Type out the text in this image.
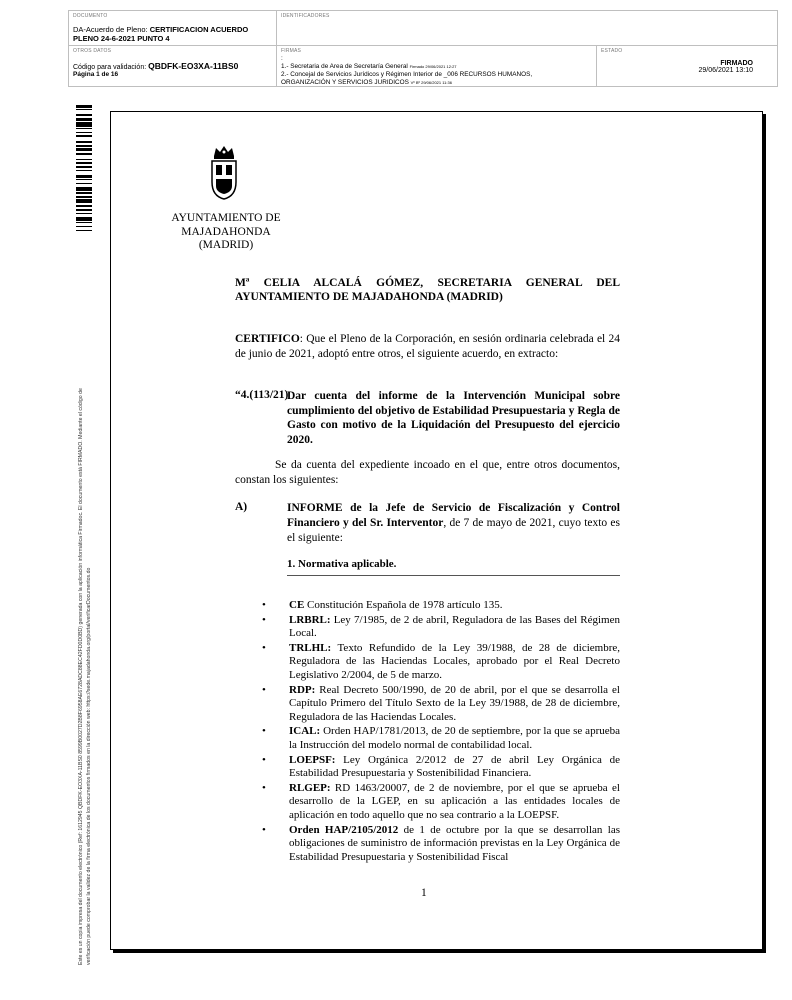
DOCUMENTO
DA-Acuerdo de Pleno: CERTIFICACION ACUERDO
PLENO 24-6-2021 PUNTO 4
IDENTIFICADORES
OTROS DATOS
Código para validación: QBDFK-EO3XA-11BS0
Página 1 de 16
FIRMAS
:
1.- Secretaria de Area de Secretaría General Firmado 29/06/2021 12:27
2.- Concejal de Servicios Jurídicos y Régimen Interior de _006 RECURSOS HUMANOS,
ORGANIZACIÓN Y SERVICIOS JURIDICOS Vº Bº 29/06/2021 11:36
ESTADO
FIRMADO
29/06/2021 13:10
Este es un copia impresa del documento electrónico (Ref: 1612945 QBDFK-EO3XA-11BS0 8599B0027D2B8F6958AE6728ADC88EC42FD0D0BD) generada con la aplicación informática Firmadoc. El documento está FIRMADO. Mediante el código de verificación puede comprobar la validez de la firma electrónica de los documentos firmados en la dirección web: https://sede.majadahonda.org/portal/verificarDocumentos.do
AYUNTAMIENTO DE
MAJADAHONDA
(MADRID)
Mª CELIA ALCALÁ GÓMEZ, SECRETARIA GENERAL DEL
AYUNTAMIENTO DE MAJADAHONDA (MADRID)
CERTIFICO: Que el Pleno de la Corporación, en sesión ordinaria celebrada el 24 de junio de 2021, adoptó entre otros, el siguiente acuerdo, en extracto:
“4.(113/21)
Dar cuenta del informe de la Intervención Municipal sobre cumplimiento del objetivo de Estabilidad Presupuestaria y Regla de Gasto con motivo de la Liquidación del Presupuesto del ejercicio 2020.
Se da cuenta del expediente incoado en el que, entre otros documentos, constan los siguientes:
A)	INFORME de la Jefe de Servicio de Fiscalización y Control Financiero y del Sr. Interventor, de 7 de mayo de 2021, cuyo texto es el siguiente:
1. Normativa aplicable.
• CE Constitución Española de 1978 artículo 135.
• LRBRL: Ley 7/1985, de 2 de abril, Reguladora de las Bases del Régimen Local.
• TRLHL: Texto Refundido de la Ley 39/1988, de 28 de diciembre, Reguladora de las Haciendas Locales, aprobado por el Real Decreto Legislativo 2/2004, de 5 de marzo.
• RDP: Real Decreto 500/1990, de 20 de abril, por el que se desarrolla el Capítulo Primero del Título Sexto de la Ley 39/1988, de 28 de diciembre, Reguladora de las Haciendas Locales.
• ICAL: Orden HAP/1781/2013, de 20 de septiembre, por la que se aprueba la Instrucción del modelo normal de contabilidad local.
• LOEPSF: Ley Orgánica 2/2012 de 27 de abril Ley Orgánica de Estabilidad Presupuestaria y Sostenibilidad Financiera.
• RLGEP: RD 1463/20007, de 2 de noviembre, por el que se aprueba el desarrollo de la LGEP, en su aplicación a las entidades locales de aplicación en todo aquello que no sea contrario a la LOEPSF.
• Orden HAP/2105/2012 de 1 de octubre por la que se desarrollan las obligaciones de suministro de información previstas en la Ley Orgánica de Estabilidad Presupuestaria y Sostenibilidad Fiscal
1
